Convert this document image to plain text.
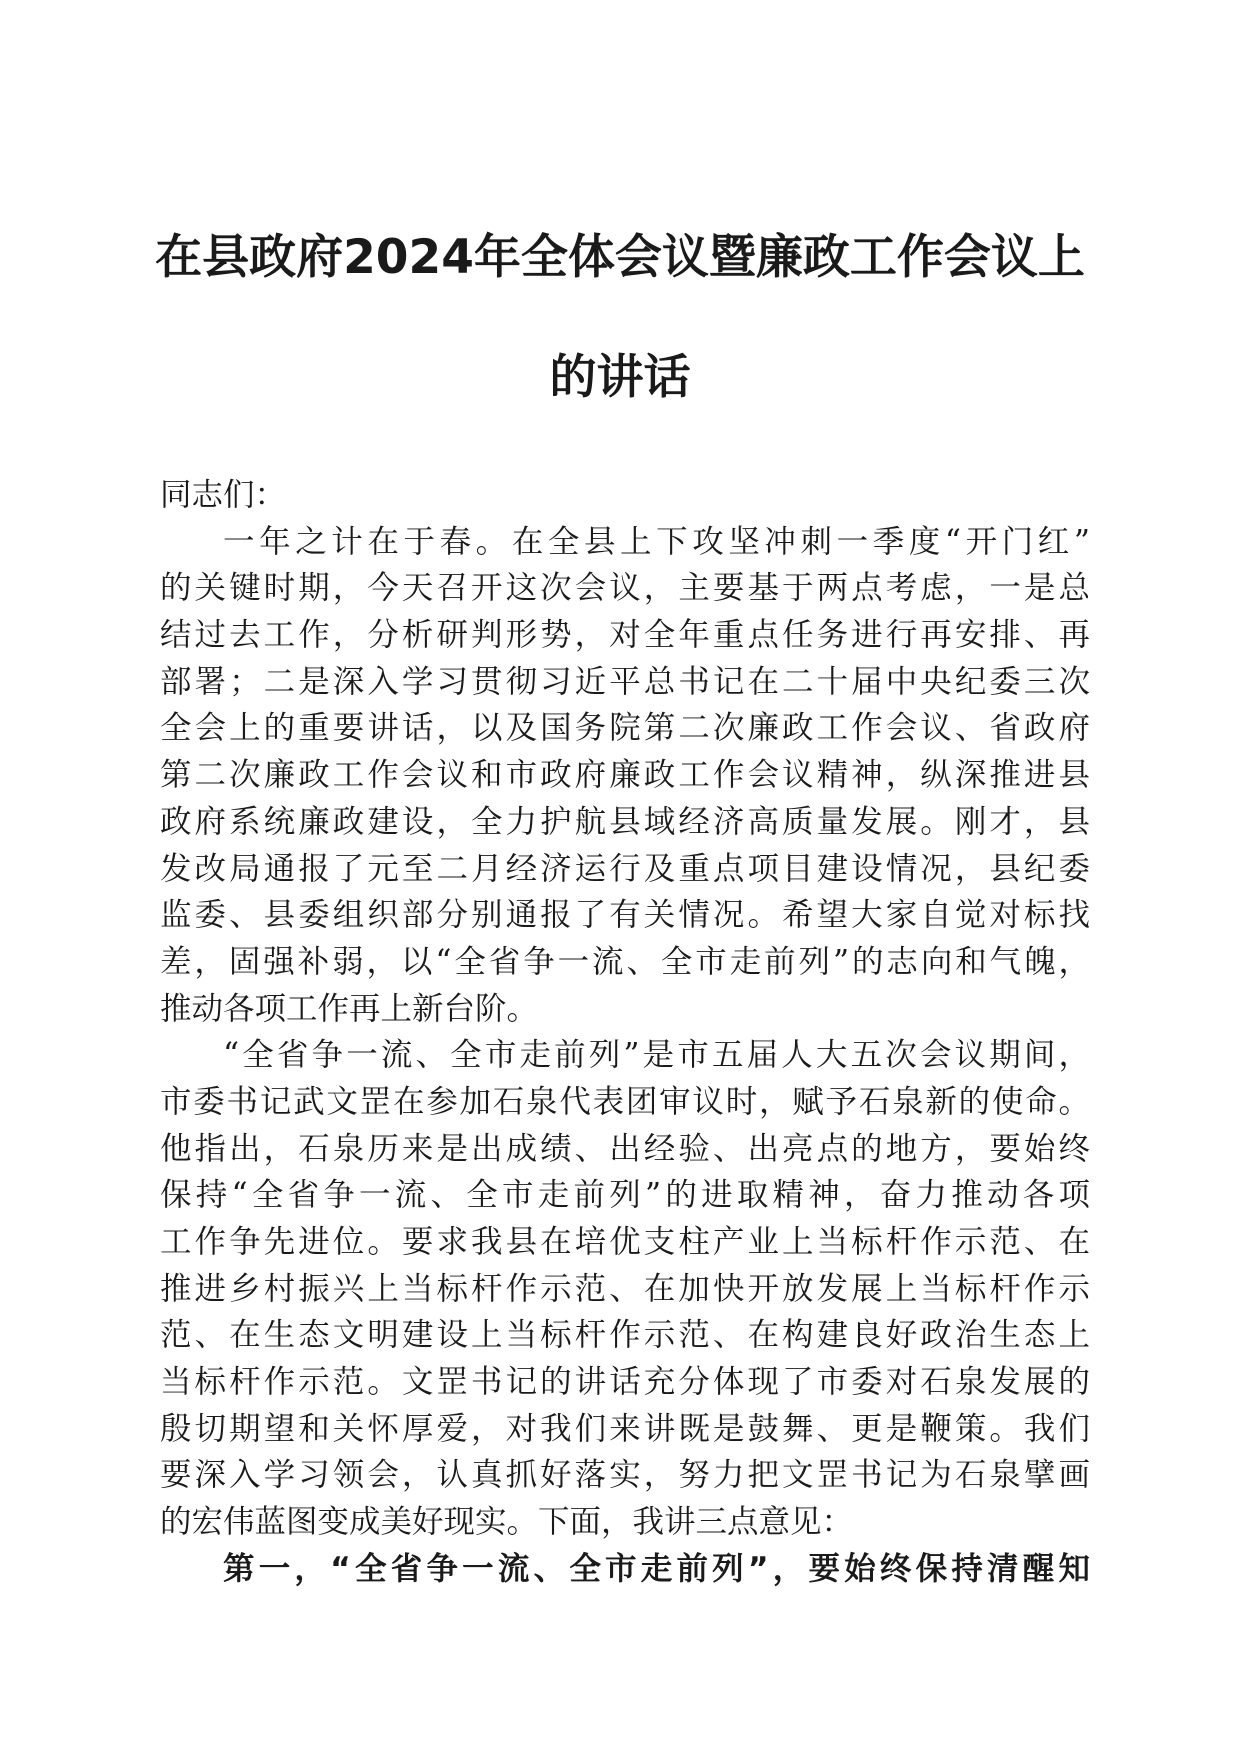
在县政府2024年全体会议暨廉政工作会议上
的讲话
同志们：
一年之计在于春。在全县上下攻坚冲刺一季度“开门红”
的关键时期，今天召开这次会议，主要基于两点考虑，一是总
结过去工作，分析研判形势，对全年重点任务进行再安排、再
部署；二是深入学习贯彻习近平总书记在二十届中央纪委三次
全会上的重要讲话，以及国务院第二次廉政工作会议、省政府
第二次廉政工作会议和市政府廉政工作会议精神，纵深推进县
政府系统廉政建设，全力护航县域经济高质量发展。刚才，县
发改局通报了元至二月经济运行及重点项目建设情况，县纪委
监委、县委组织部分别通报了有关情况。希望大家自觉对标找
差，固强补弱，以“全省争一流、全市走前列”的志向和气魄，
推动各项工作再上新台阶。
“全省争一流、全市走前列”是市五届人大五次会议期间，
市委书记武文罡在参加石泉代表团审议时，赋予石泉新的使命。
他指出，石泉历来是出成绩、出经验、出亮点的地方，要始终
保持“全省争一流、全市走前列”的进取精神，奋力推动各项
工作争先进位。要求我县在培优支柱产业上当标杆作示范、在
推进乡村振兴上当标杆作示范、在加快开放发展上当标杆作示
范、在生态文明建设上当标杆作示范、在构建良好政治生态上
当标杆作示范。文罡书记的讲话充分体现了市委对石泉发展的
殷切期望和关怀厚爱，对我们来讲既是鼓舞、更是鞭策。我们
要深入学习领会，认真抓好落实，努力把文罡书记为石泉擘画
的宏伟蓝图变成美好现实。下面，我讲三点意见：
第一，“全省争一流、全市走前列”，要始终保持清醒知
